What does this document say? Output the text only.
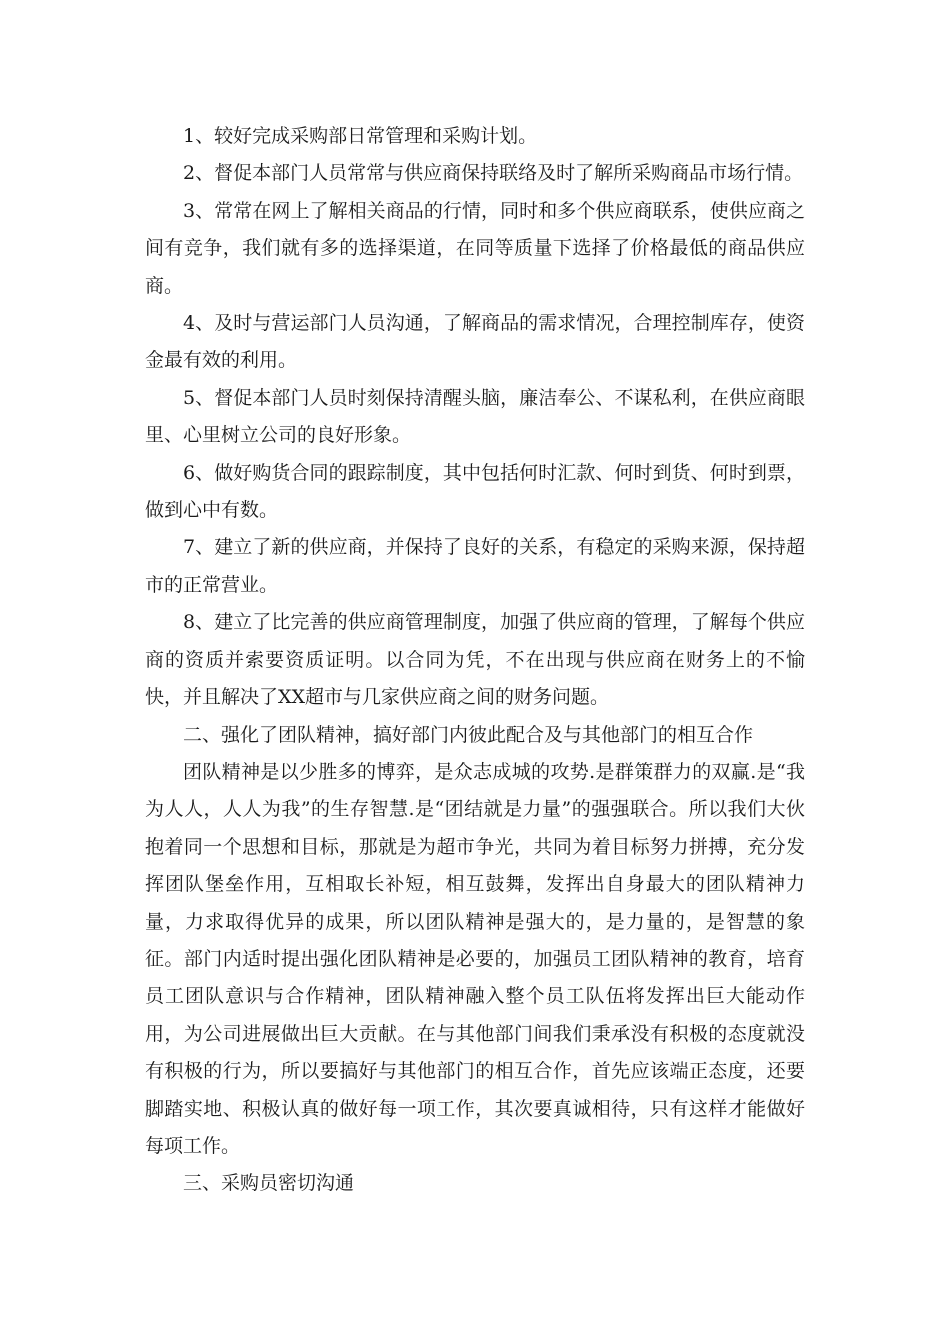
1、较好完成采购部日常管理和采购计划。

2、督促本部门人员常常与供应商保持联络及时了解所采购商品市场行情。

3、常常在网上了解相关商品的行情，同时和多个供应商联系，使供应商之间有竞争，我们就有多的选择渠道，在同等质量下选择了价格最低的商品供应商。

4、及时与营运部门人员沟通，了解商品的需求情况，合理控制库存，使资金最有效的利用。

5、督促本部门人员时刻保持清醒头脑，廉洁奉公、不谋私利，在供应商眼里、心里树立公司的良好形象。

6、做好购货合同的跟踪制度，其中包括何时汇款、何时到货、何时到票，做到心中有数。

7、建立了新的供应商，并保持了良好的关系，有稳定的采购来源，保持超市的正常营业。

8、建立了比完善的供应商管理制度，加强了供应商的管理，了解每个供应商的资质并索要资质证明。以合同为凭，不在出现与供应商在财务上的不愉快，并且解决了XX超市与几家供应商之间的财务问题。

二、强化了团队精神，搞好部门内彼此配合及与其他部门的相互合作

团队精神是以少胜多的博弈，是众志成城的攻势.是群策群力的双赢.是“我为人人，人人为我”的生存智慧.是“团结就是力量”的强强联合。所以我们大伙抱着同一个思想和目标，那就是为超市争光，共同为着目标努力拼搏，充分发挥团队堡垒作用，互相取长补短，相互鼓舞，发挥出自身最大的团队精神力量，力求取得优异的成果，所以团队精神是强大的，是力量的，是智慧的象征。部门内适时提出强化团队精神是必要的，加强员工团队精神的教育，培育员工团队意识与合作精神，团队精神融入整个员工队伍将发挥出巨大能动作用，为公司进展做出巨大贡献。在与其他部门间我们秉承没有积极的态度就没有积极的行为，所以要搞好与其他部门的相互合作，首先应该端正态度，还要脚踏实地、积极认真的做好每一项工作，其次要真诚相待，只有这样才能做好每项工作。

三、采购员密切沟通
